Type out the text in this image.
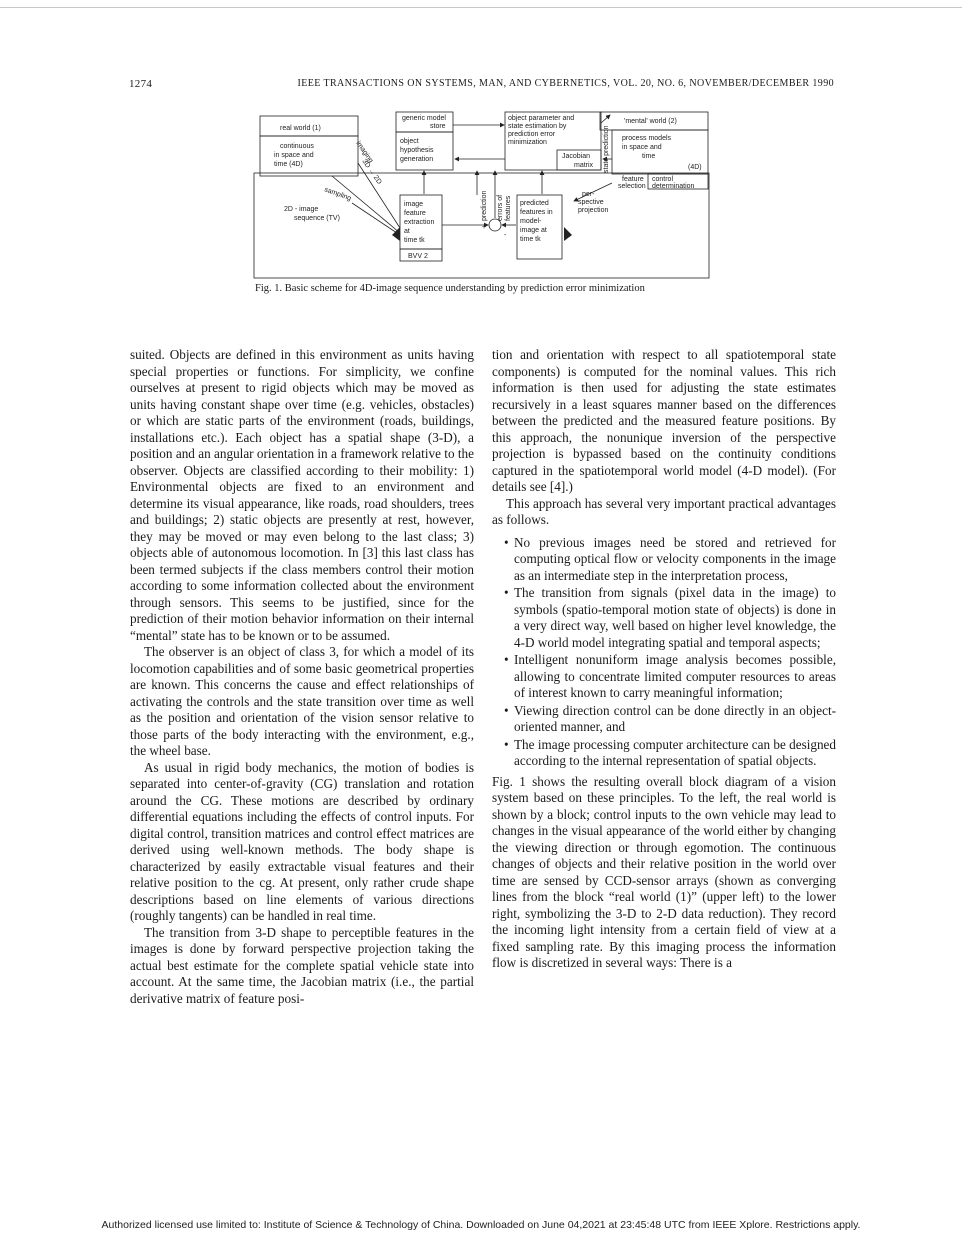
1274	IEEE TRANSACTIONS ON SYSTEMS, MAN, AND CYBERNETICS, VOL. 20, NO. 6, NOVEMBER/DECEMBER 1990
real world (1)
continuous
in space and
time (4D)
imaging
3D → 2D
sampling
2D - image
sequence (TV)
generic model
store
object
hypothesis
generation
image
feature
extraction
at
time tk
BVV 2
object parameter and
state estimation by
prediction error
minimization
Jacobian
matrix
prediction errors of features
+
-
predicted
features in
model-
image at
time tk
'mental' world (2)
process models
in space and
time
(4D)
state prediction
feature
selection
control
determination
per-
spective
projection
Fig. 1. Basic scheme for 4D-image sequence understanding by prediction error minimization

suited. Objects are defined in this environment as units having special properties or functions. For simplicity, we confine ourselves at present to rigid objects which may be moved as units having constant shape over time (e.g. vehicles, obstacles) or which are static parts of the environment (roads, buildings, installations etc.). Each object has a spatial shape (3-D), a position and an angular orientation in a framework relative to the observer. Objects are classified according to their mobility: 1) Environmental objects are fixed to an environment and determine its visual appearance, like roads, road shoulders, trees and buildings; 2) static objects are presently at rest, however, they may be moved or may even belong to the last class; 3) objects able of autonomous locomotion. In [3] this last class has been termed subjects if the class members control their motion according to some information collected about the environment through sensors. This seems to be justified, since for the prediction of their motion behavior information on their internal “mental” state has to be known or to be assumed.

The observer is an object of class 3, for which a model of its locomotion capabilities and of some basic geometrical properties are known. This concerns the cause and effect relationships of activating the controls and the state transition over time as well as the position and orientation of the vision sensor relative to those parts of the body interacting with the environment, e.g., the wheel base.

As usual in rigid body mechanics, the motion of bodies is separated into center-of-gravity (CG) translation and rotation around the CG. These motions are described by ordinary differential equations including the effects of control inputs. For digital control, transition matrices and control effect matrices are derived using well-known methods. The body shape is characterized by easily extractable visual features and their relative position to the cg. At present, only rather crude shape descriptions based on line elements of various directions (roughly tangents) can be handled in real time.

The transition from 3-D shape to perceptible features in the images is done by forward perspective projection taking the actual best estimate for the complete spatial vehicle state into account. At the same time, the Jacobian matrix (i.e., the partial derivative matrix of feature posi-

tion and orientation with respect to all spatiotemporal state components) is computed for the nominal values. This rich information is then used for adjusting the state estimates recursively in a least squares manner based on the differences between the predicted and the measured feature positions. By this approach, the nonunique inversion of the perspective projection is bypassed based on the continuity conditions captured in the spatiotemporal world model (4-D model). (For details see [4].)

This approach has several very important practical advantages as follows.

• No previous images need be stored and retrieved for computing optical flow or velocity components in the image as an intermediate step in the interpretation process,
• The transition from signals (pixel data in the image) to symbols (spatio-temporal motion state of objects) is done in a very direct way, well based on higher level knowledge, the 4-D world model integrating spatial and temporal aspects;
• Intelligent nonuniform image analysis becomes possible, allowing to concentrate limited computer resources to areas of interest known to carry meaningful information;
• Viewing direction control can be done directly in an object-oriented manner, and
• The image processing computer architecture can be designed according to the internal representation of spatial objects.

Fig. 1 shows the resulting overall block diagram of a vision system based on these principles. To the left, the real world is shown by a block; control inputs to the own vehicle may lead to changes in the visual appearance of the world either by changing the viewing direction or through egomotion. The continuous changes of objects and their relative position in the world over time are sensed by CCD-sensor arrays (shown as converging lines from the block “real world (1)” (upper left) to the lower right, symbolizing the 3-D to 2-D data reduction). They record the incoming light intensity from a certain field of view at a fixed sampling rate. By this imaging process the information flow is discretized in several ways: There is a

Authorized licensed use limited to: Institute of Science & Technology of China. Downloaded on June 04,2021 at 23:45:48 UTC from IEEE Xplore. Restrictions apply.
